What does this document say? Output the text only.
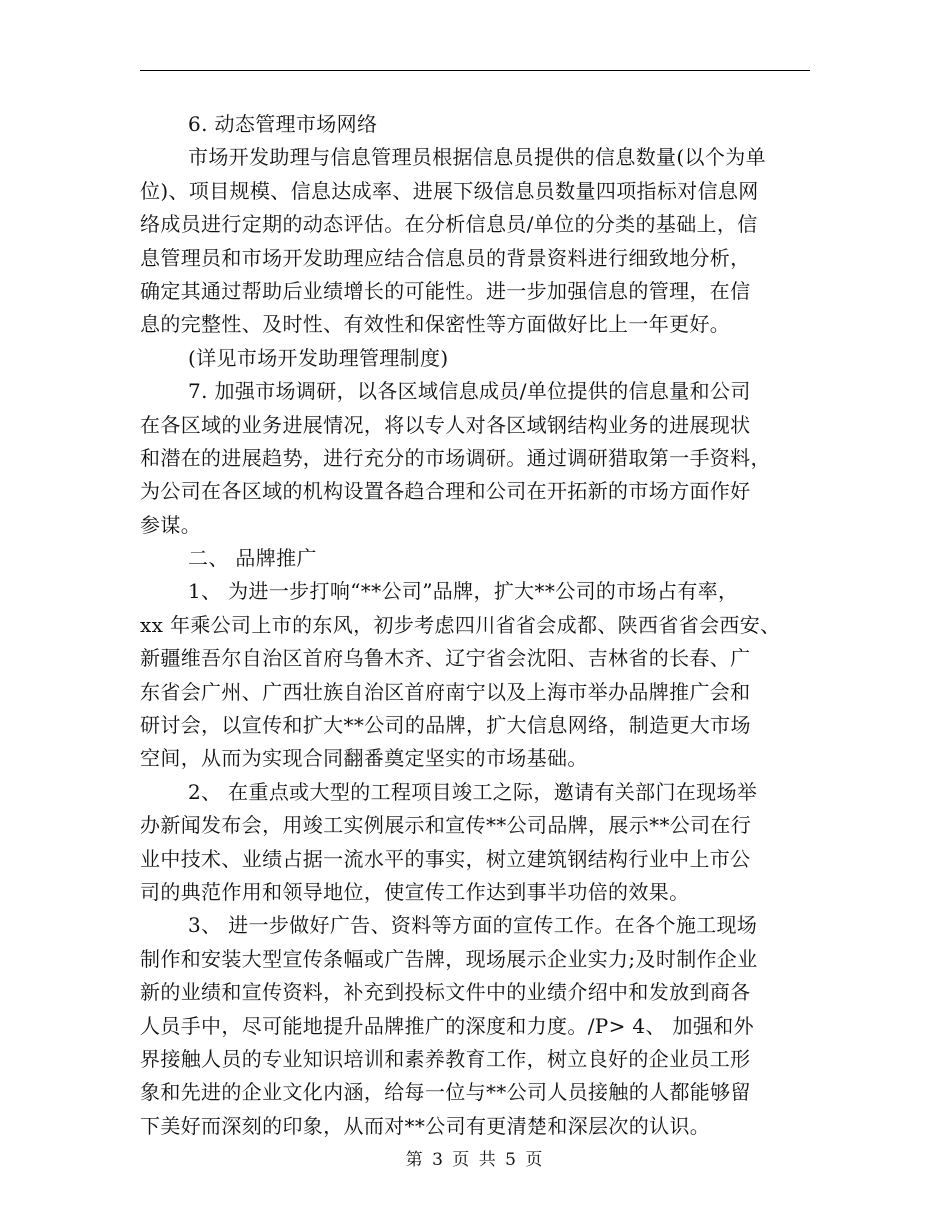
6. 动态管理市场网络
市场开发助理与信息管理员根据信息员提供的信息数量(以个为单
位)、项目规模、信息达成率、进展下级信息员数量四项指标对信息网
络成员进行定期的动态评估。在分析信息员/单位的分类的基础上，信
息管理员和市场开发助理应结合信息员的背景资料进行细致地分析，
确定其通过帮助后业绩增长的可能性。进一步加强信息的管理，在信
息的完整性、及时性、有效性和保密性等方面做好比上一年更好。
(详见市场开发助理管理制度)
7. 加强市场调研，以各区域信息成员/单位提供的信息量和公司
在各区域的业务进展情况，将以专人对各区域钢结构业务的进展现状
和潜在的进展趋势，进行充分的市场调研。通过调研猎取第一手资料，
为公司在各区域的机构设置各趋合理和公司在开拓新的市场方面作好
参谋。
二、 品牌推广
1、 为进一步打响“**公司”品牌，扩大**公司的市场占有率，
xx 年乘公司上市的东风，初步考虑四川省省会成都、陕西省省会西安、
新疆维吾尔自治区首府乌鲁木齐、辽宁省会沈阳、吉林省的长春、广
东省会广州、广西壮族自治区首府南宁以及上海市举办品牌推广会和
研讨会，以宣传和扩大**公司的品牌，扩大信息网络，制造更大市场
空间，从而为实现合同翻番奠定坚实的市场基础。
2、 在重点或大型的工程项目竣工之际，邀请有关部门在现场举
办新闻发布会，用竣工实例展示和宣传**公司品牌，展示**公司在行
业中技术、业绩占据一流水平的事实，树立建筑钢结构行业中上市公
司的典范作用和领导地位，使宣传工作达到事半功倍的效果。
3、 进一步做好广告、资料等方面的宣传工作。在各个施工现场
制作和安装大型宣传条幅或广告牌，现场展示企业实力;及时制作企业
新的业绩和宣传资料，补充到投标文件中的业绩介绍中和发放到商各
人员手中，尽可能地提升品牌推广的深度和力度。/P> 4、 加强和外
界接触人员的专业知识培训和素养教育工作，树立良好的企业员工形
象和先进的企业文化内涵，给每一位与**公司人员接触的人都能够留
下美好而深刻的印象，从而对**公司有更清楚和深层次的认识。
第 3 页 共 5 页
